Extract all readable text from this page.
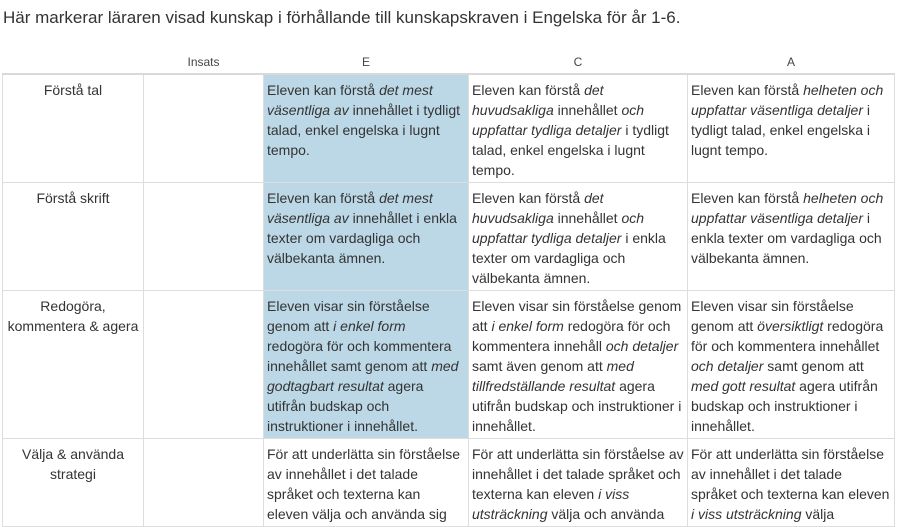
Här markerar läraren visad kunskap i förhållande till kunskapskraven i Engelska för år 1-6.
	Insats	E	C	A
Förstå tal		Eleven kan förstå det mest väsentliga av innehållet i tydligt talad, enkel engelska i lugnt tempo.	Eleven kan förstå det huvudsakliga innehållet och uppfattar tydliga detaljer i tydligt talad, enkel engelska i lugnt tempo.	Eleven kan förstå helheten och uppfattar väsentliga detaljer i tydligt talad, enkel engelska i lugnt tempo.
Förstå skrift		Eleven kan förstå det mest väsentliga av innehållet i enkla texter om vardagliga och välbekanta ämnen.	Eleven kan förstå det huvudsakliga innehållet och uppfattar tydliga detaljer i enkla texter om vardagliga och välbekanta ämnen.	Eleven kan förstå helheten och uppfattar väsentliga detaljer i enkla texter om vardagliga och välbekanta ämnen.
Redogöra, kommentera & agera		Eleven visar sin förståelse genom att i enkel form redogöra för och kommentera innehållet samt genom att med godtagbart resultat agera utifrån budskap och instruktioner i innehållet.	Eleven visar sin förståelse genom att i enkel form redogöra för och kommentera innehåll och detaljer samt även genom att med tillfredställande resultat agera utifrån budskap och instruktioner i innehållet.	Eleven visar sin förståelse genom att översiktligt redogöra för och kommentera innehållet och detaljer samt genom att med gott resultat agera utifrån budskap och instruktioner i innehållet.
Välja & använda strategi		För att underlätta sin förståelse av innehållet i det talade språket och texterna kan eleven välja och använda sig	För att underlätta sin förståelse av innehållet i det talade språket och texterna kan eleven i viss utsträckning välja och använda	För att underlätta sin förståelse av innehållet i det talade språket och texterna kan eleven i viss utsträckning välja
